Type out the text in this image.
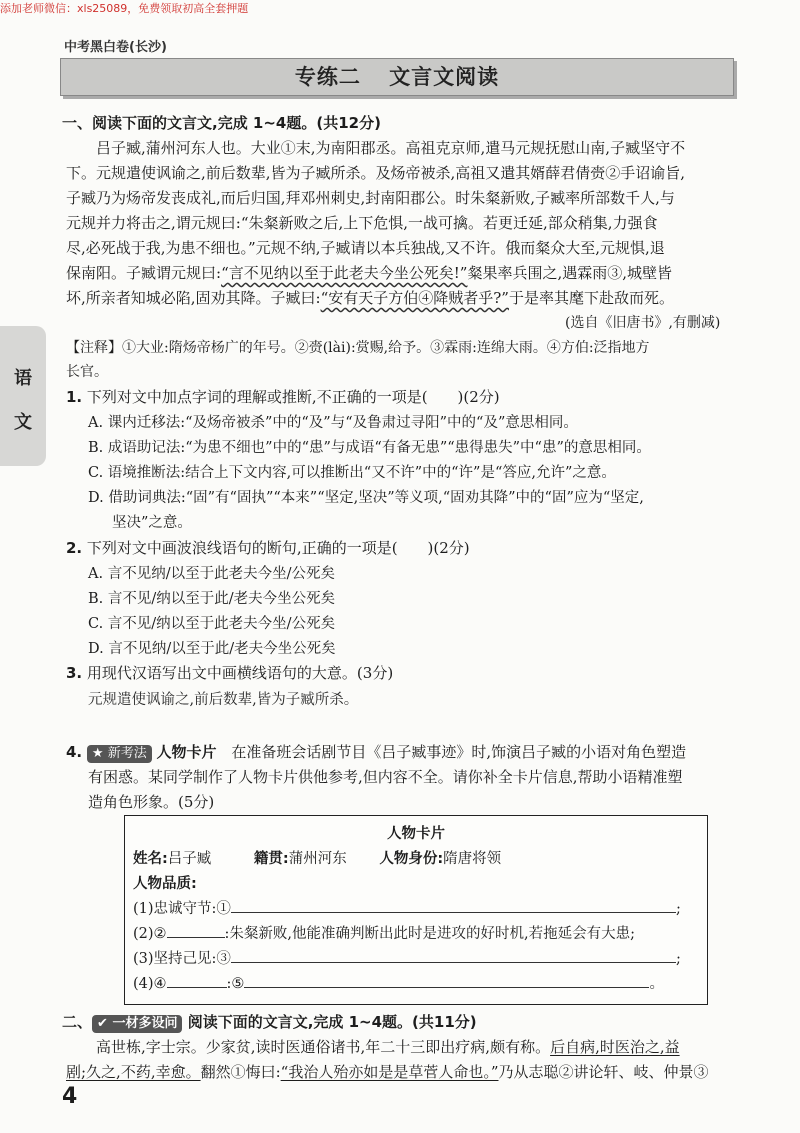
添加老师微信：xls25089，免费领取初高全套押题
中考黑白卷(长沙)
专练二 文言文阅读
语
文
一、阅读下面的文言文,完成 1~4题。(共12分)
吕子臧,蒲州河东人也。大业①末,为南阳郡丞。高祖克京师,遣马元规抚慰山南,子臧坚守不
下。元规遣使讽谕之,前后数辈,皆为子臧所杀。及炀帝被杀,高祖又遣其婿薛君倩赍②手诏谕旨,
子臧乃为炀帝发丧成礼,而后归国,拜邓州刺史,封南阳郡公。时朱粲新败,子臧率所部数千人,与
元规并力将击之,谓元规曰:“朱粲新败之后,上下危惧,一战可擒。若更迁延,部众稍集,力强食
尽,必死战于我,为患不细也。”元规不纳,子臧请以本兵独战,又不许。俄而粲众大至,元规惧,退
保南阳。子臧谓元规曰:“言不见纳以至于此老夫今坐公死矣!”粲果率兵围之,遇霖雨③,城壁皆
坏,所亲者知城必陷,固劝其降。子臧曰:“安有天子方伯④降贼者乎?”于是率其麾下赴敌而死。
(选自《旧唐书》,有删减)
【注释】①大业:隋炀帝杨广的年号。②赍(lài):赏赐,给予。③霖雨:连绵大雨。④方伯:泛指地方
长官。
1. 下列对文中加点字词的理解或推断,不正确的一项是(　　)(2分)
A. 课内迁移法:“及炀帝被杀”中的“及”与“及鲁肃过寻阳”中的“及”意思相同。
B. 成语助记法:“为患不细也”中的“患”与成语“有备无患”“患得患失”中“患”的意思相同。
C. 语境推断法:结合上下文内容,可以推断出“又不许”中的“许”是“答应,允许”之意。
D. 借助词典法:“固”有“固执”“本来”“坚定,坚决”等义项,“固劝其降”中的“固”应为“坚定,
坚决”之意。
2. 下列对文中画波浪线语句的断句,正确的一项是(　　)(2分)
A. 言不见纳/以至于此老夫今坐/公死矣
B. 言不见/纳以至于此/老夫今坐公死矣
C. 言不见/纳以至于此老夫今坐/公死矣
D. 言不见纳/以至于此/老夫今坐公死矣
3. 用现代汉语写出文中画横线语句的大意。(3分)
元规遣使讽谕之,前后数辈,皆为子臧所杀。
4. ★ 新考法 人物卡片 在准备班会话剧节目《吕子臧事迹》时,饰演吕子臧的小语对角色塑造
有困惑。某同学制作了人物卡片供他参考,但内容不全。请你补全卡片信息,帮助小语精准塑
造角色形象。(5分)
人物卡片
姓名:吕子臧	籍贯:蒲州河东 人物身份:隋唐将领
人物品质:
(1)忠诚守节:①	;
(2)②	:朱粲新败,他能准确判断出此时是进攻的好时机,若拖延会有大患;
(3)坚持己见:③	;
(4)④	:⑤	。
二、 ✔ 一材多设问 阅读下面的文言文,完成 1~4题。(共11分)
高世栋,字士宗。少家贫,读时医通俗诸书,年二十三即出疗病,颇有称。后自病,时医治之,益
剧;久之,不药,幸愈。翻然①悔曰:“我治人殆亦如是是草菅人命也。”乃从志聪②讲论轩、岐、仲景③
4
